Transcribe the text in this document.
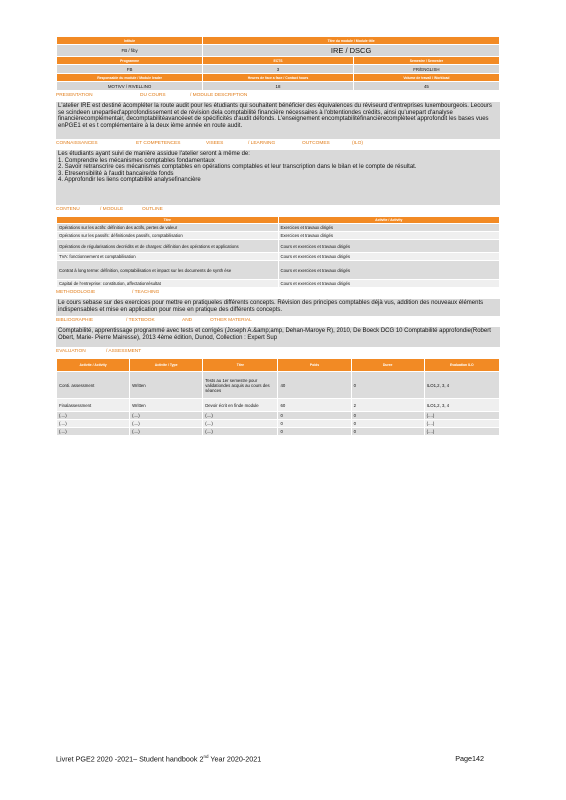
Intitule	Titre du module / Module title	
FB / fiby	IRE / DSCG	
Programme	ECTS	Semestre / Semester
FB	3	FR/ENGLISH
Responsable du module / Module leader	Heures de face a face / Contact hours	Volume de travail / Workload
MOTIVV / RIVELLINO	18	45
PRESENTATION	DU COURS	/ MODULE DESCRIPTION
L'atelier IRE est destiné àcompléter la route audit pour les étudiants qui souhaitent bénéficier des équivalences du réviseurd d'entreprises luxembourgeois. Lecours se scindeen unepartied'approfondissement et de révision dela comptabilité financière nécessaires à l'obtentiondes crédits, ainsi qu'unepart d'analyse financièrecomplémentair, decomptabilitéavancéeet de spécificités d'audit défonds. L'enseignement encomptabilitéfinancièrecomplèteet approfondit les bases vues enPGE1 et es t complémentaire à la deux ième année en route audit.
CONNAISSANCES	ET COMPETENCES	VISEES	/ LEARNING	OUTCOMES	(ILO)

Les étudiants ayant suivi de manière assidue l'atelier seront à même de:

1. Comprendre les mécanismes comptables fondamentaux

2. Savoir retranscrire ces mécanismes comptables en opérations comptables et leur transcription dans le bilan et le compte de résultat.

3. Etresensibilité à l'audit bancaire/de fonds

4. Approfondir les liens comptabilité analysefinancière

CONTENU	/ MODULE	OUTLINE
Titre	Activite / Activity
Opérations sur les actifs: définition des actifs, pertes de valeur	Exercices et travaux dirigés
Opérations sur les passifs: définitiondes passifs, comptabilisation	Exercices et travaux dirigés
Opérations de régularisations decrédits et de charges: définition des opérations et applications	Cours et exercices et travaux dirigés
TVA: fonctionnement et comptabilisation	Cours et exercices et travaux dirigés
Contrat à long terme: définition, comptabilisation et impact sur les documents de synth èse	Cours et exercices et travaux dirigés
Capital de l'entreprise: constitution, affectationrésultat	Cours et exercices et travaux dirigés
METHODOLOGIE	/ TEACHING
Le cours sebase sur des exercices pour mettre en pratiqueles différents concepts. Révision des principes comptables déjà vus, addition des nouveaux éléments indispensables et mise en application pour mise en pratique des différents concepts.
BIBLIOGRAPHIE	/ TEXTBOOK	AND	OTHER MATERIAL
Comptabilité, apprentissage programmé avec tests et corrigés (Joseph A.&amp;amp, Dehan-Maroye R), 2010, De Boeck DCG 10 Comptabilité approfondie(Robert Obert, Marie- Pierre Mairesse), 2013 4ème édition, Dunod, Collection : Expert Sup
EVALUATION	/ ASSESSMENT
Activite / Activity	Activite / Type	Titre	Poids	Duree	Evaluation ILO
Conti. assessment	Written	Tests au 1er semestre pour validationdes acquis au cours des séances	40	0	ILO1,2, 3, 4
Finalassessment	Written	Devoir écrit en finde module	60	2	ILO1,2, 3, 4
(....)	(....)	(....)	0	0	(....)
(....)	(....)	(....)	0	0	(....)
(....)	(....)	(....)	0	0	(....)
Livret PGE2 2020 -2021– Student handbook 2nd Year 2020-2021	Page142
